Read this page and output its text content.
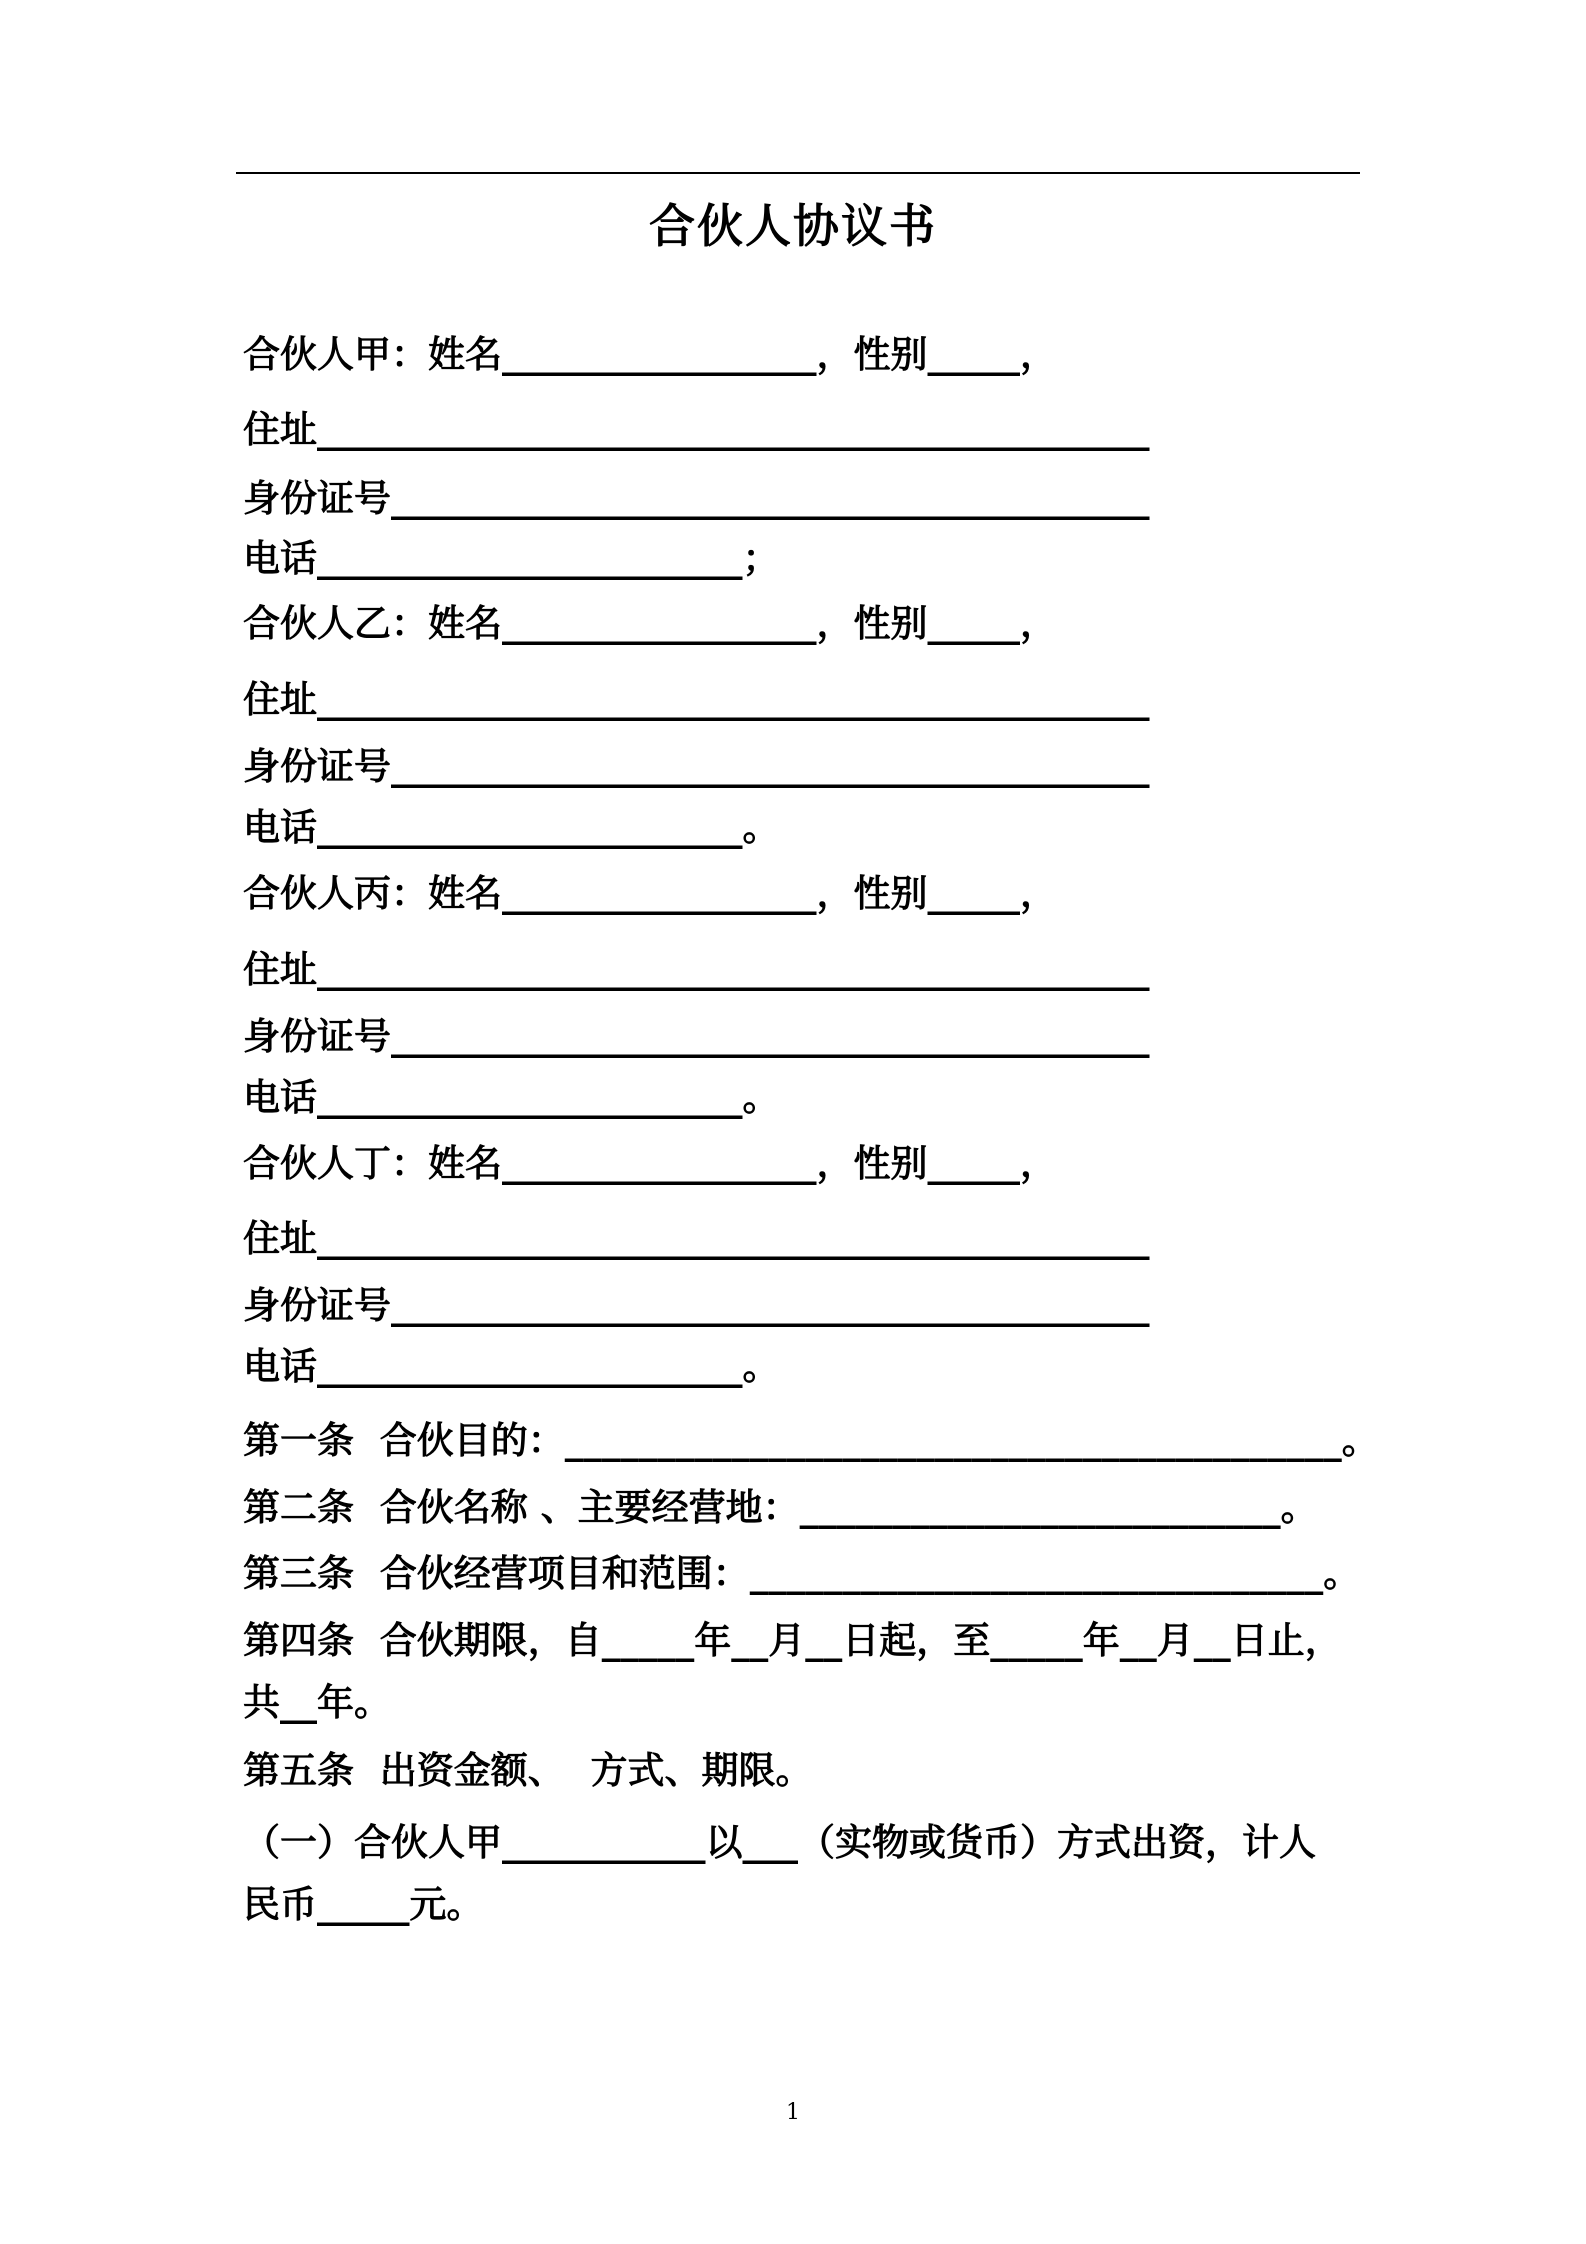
合伙人协议书
合伙人甲：姓名_________________，性别_____，
住址_____________________________________________
身份证号_________________________________________
电话_______________________；
合伙人乙：姓名_________________，性别_____，
住址_____________________________________________
身份证号_________________________________________
电话_______________________。
合伙人丙：姓名_________________，性别_____，
住址_____________________________________________
身份证号_________________________________________
电话_______________________。
合伙人丁：姓名_________________，性别_____，
住址_____________________________________________
身份证号_________________________________________
电话_______________________。
第一条  合伙目的：__________________________________________。
第二条  合伙名称 、主要经营地：__________________________。
第三条  合伙经营项目和范围：_______________________________。
第四条  合伙期限，自_____年__月__日起，至_____年__月__日止，
共__年。
第五条  出资金额、  方式、期限。
（一）合伙人甲___________以___（实物或货币）方式出资，计人
民币_____元。
1
